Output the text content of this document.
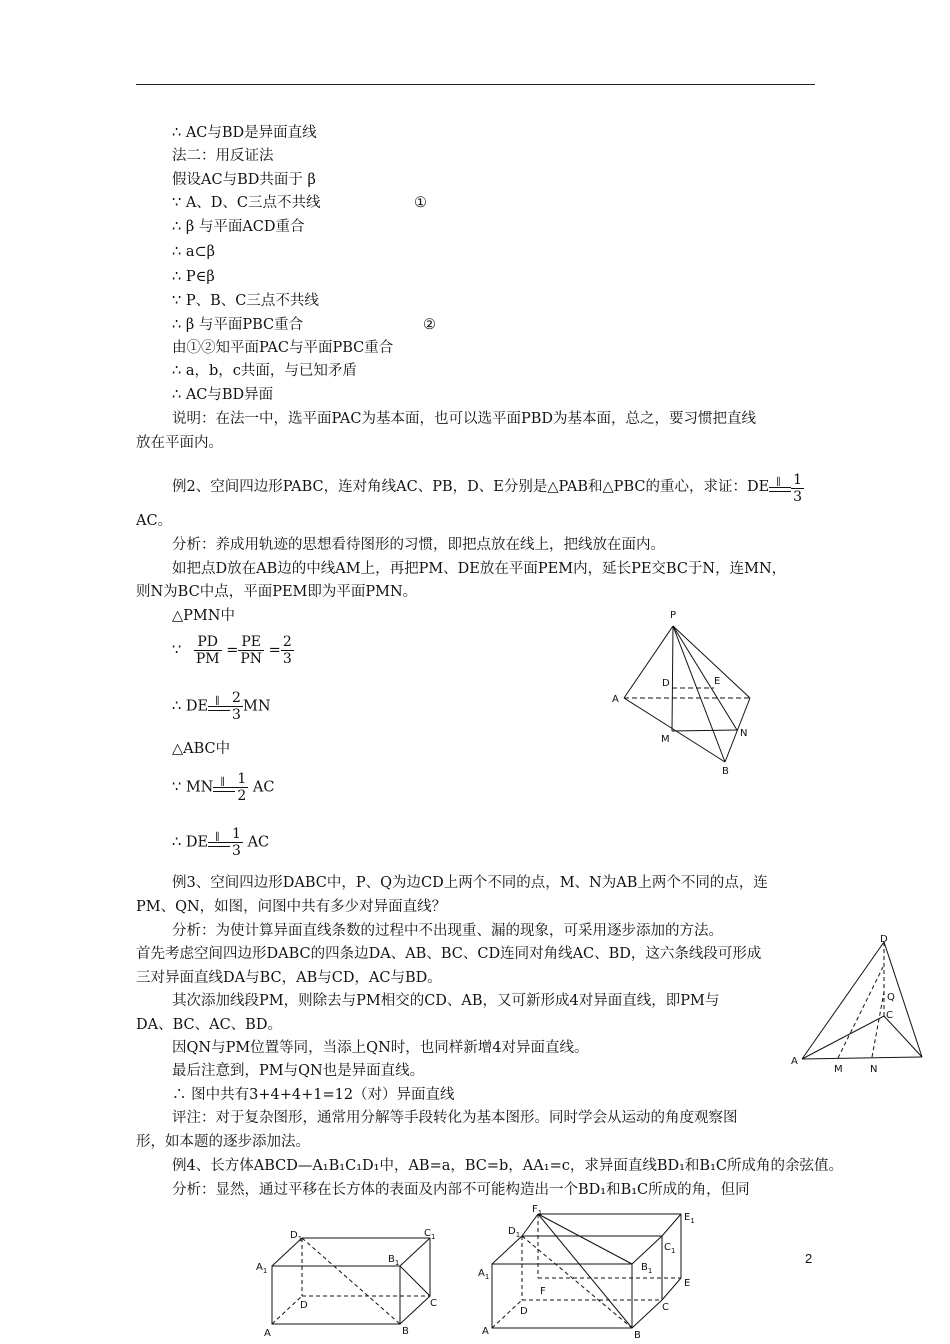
∴ AC与BD是异面直线
法二：用反证法
假设AC与BD共面于 β
∵ A、D、C三点不共线	①
∴ β 与平面ACD重合
∴ a⊂β
∴ P∈β
∵ P、B、C三点不共线
∴ β 与平面PBC重合	②
由①②知平面PAC与平面PBC重合
∴ a，b，c共面，与已知矛盾
∴ AC与BD异面
说明：在法一中，选平面PAC为基本面，也可以选平面PBD为基本面，总之，要习惯把直线
放在平面内。
例2、空间四边形PABC，连对角线AC、PB，D、E分别是△PAB和△PBC的重心，求证：DE ∥ $\frac{1}{3}$
AC。
分析：养成用轨迹的思想看待图形的习惯，即把点放在线上，把线放在面内。
如把点D放在AB边的中线AM上，再把PM、DE放在平面PEM内，延长PE交BC于N，连MN，
则N为BC中点，平面PEM即为平面PMN。
△PMN中
∵ $\frac{PD}{PM} = \frac{PE}{PN} = \frac{2}{3}$
∴ DE ∥ $\frac{2}{3}$ MN
△ABC中
∵ MN ∥ $\frac{1}{2}$ AC
∴ DE ∥ $\frac{1}{3}$ AC
P
A
B
D	E
M
N
例3、空间四边形DABC中，P、Q为边CD上两个不同的点，M、N为AB上两个不同的点，连
PM、QN，如图，问图中共有多少对异面直线？
分析：为使计算异面直线条数的过程中不出现重、漏的现象，可采用逐步添加的方法。
首先考虑空间四边形DABC的四条边DA、AB、BC、CD连同对角线AC、BD，这六条线段可形成
三对异面直线DA与BC，AB与CD，AC与BD。
其次添加线段PM，则除去与PM相交的CD、AB，又可新形成4对异面直线，即PM与
DA、BC、AC、BD。
因QN与PM位置等同，当添上QN时，也同样新增4对异面直线。
最后注意到，PM与QN也是异面直线。
∴ 图中共有3+4+4+1=12（对）异面直线
评注：对于复杂图形，通常用分解等手段转化为基本图形。同时学会从运动的角度观察图
形，如本题的逐步添加法。
D
A
M	N
Q
C
例4、长方体ABCD—A₁B₁C₁D₁中，AB=a，BC=b，AA₁=c，求异面直线BD₁和B₁C所成角的余弦值。
分析：显然，通过平移在长方体的表面及内部不可能构造出一个BD₁和B₁C所成的角，但同
$D_1$	$C_1$
$A_1$
$B_1$
A	B
C
D
$F_1$	$E_1$
$D_1$
$C_1$
$A_1$
$B_1$
A	B
C
D
E
F
2
